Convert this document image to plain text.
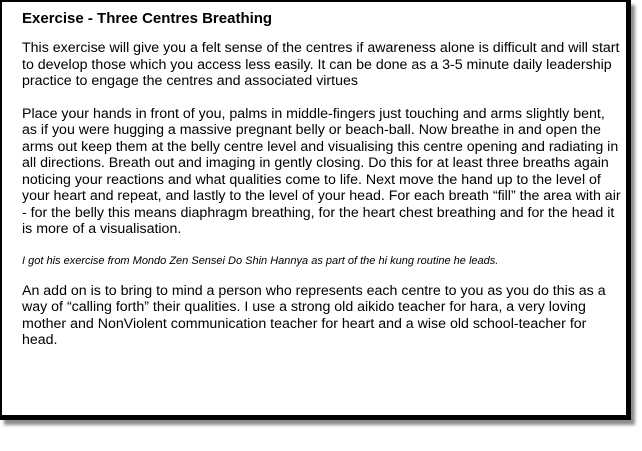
Exercise - Three Centres Breathing
This exercise will give you a felt sense of the centres if awareness alone is difficult and will start to develop those which you access less easily. It can be done as a 3-5 minute daily leadership practice to engage the centres and associated virtues
Place your hands in front of you, palms in middle-fingers just touching and arms slightly bent, as if you were hugging a massive pregnant belly or beach-ball. Now breathe in and open the arms out keep them at the belly centre level and visualising this centre opening and radiating in all directions. Breath out and imaging in gently closing. Do this for at least three breaths again noticing your reactions and what qualities come to life. Next move the hand up to the level of your heart and repeat, and lastly to the level of your head. For each breath “fill” the area with air - for the belly this means diaphragm breathing, for the heart chest breathing and for the head it is more of a visualisation.
I got his exercise from Mondo Zen Sensei Do Shin Hannya as part of the hi kung routine he leads.
An add on is to bring to mind a person who represents each centre to you as you do this as a way of “calling forth” their qualities. I use a strong old aikido teacher for hara, a very loving mother and NonViolent communication teacher for heart and a wise old school-teacher for head.
